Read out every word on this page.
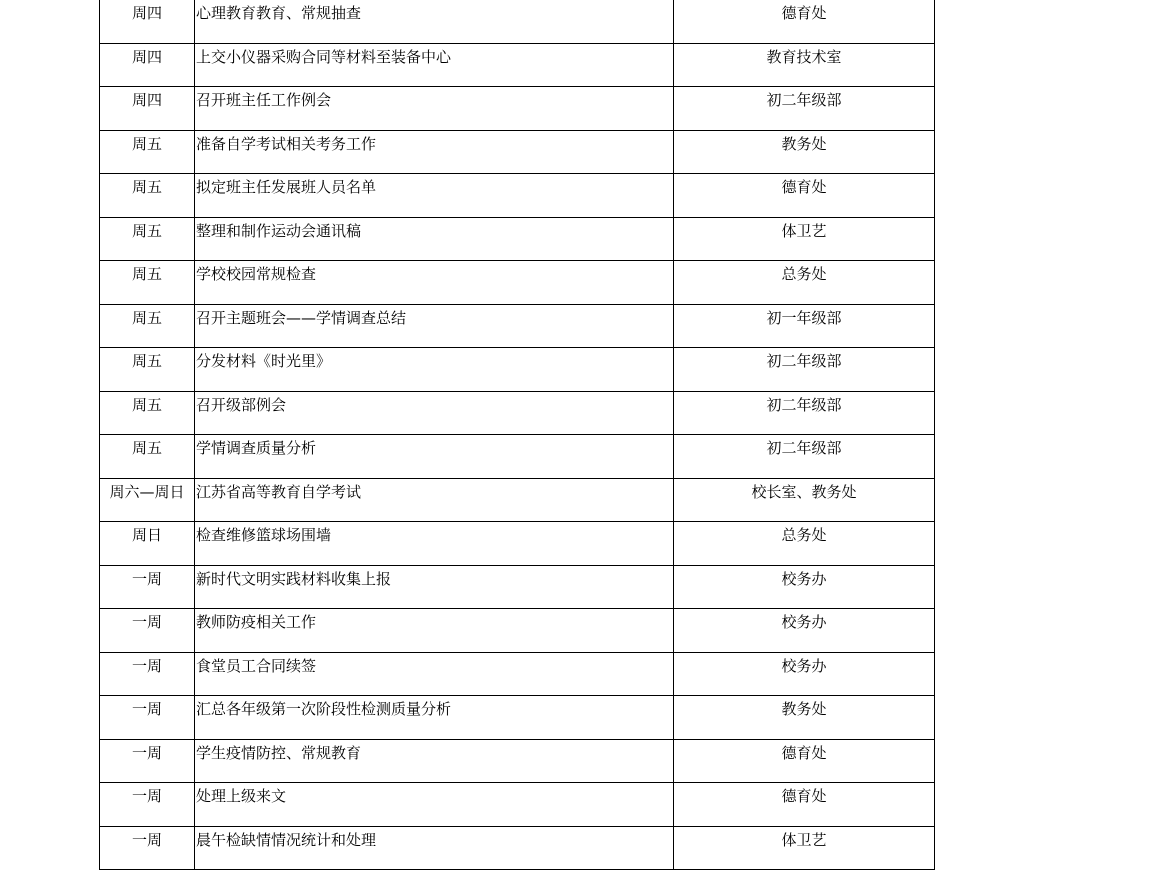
周四	心理教育教育、常规抽查	德育处
周四	上交小仪器采购合同等材料至装备中心	教育技术室
周四	召开班主任工作例会	初二年级部
周五	准备自学考试相关考务工作	教务处
周五	拟定班主任发展班人员名单	德育处
周五	整理和制作运动会通讯稿	体卫艺
周五	学校校园常规检查	总务处
周五	召开主题班会——学情调查总结	初一年级部
周五	分发材料《时光里》	初二年级部
周五	召开级部例会	初二年级部
周五	学情调查质量分析	初二年级部
周六—周日	江苏省高等教育自学考试	校长室、教务处
周日	检查维修篮球场围墙	总务处
一周	新时代文明实践材料收集上报	校务办
一周	教师防疫相关工作	校务办
一周	食堂员工合同续签	校务办
一周	汇总各年级第一次阶段性检测质量分析	教务处
一周	学生疫情防控、常规教育	德育处
一周	处理上级来文	德育处
一周	晨午检缺情情况统计和处理	体卫艺
